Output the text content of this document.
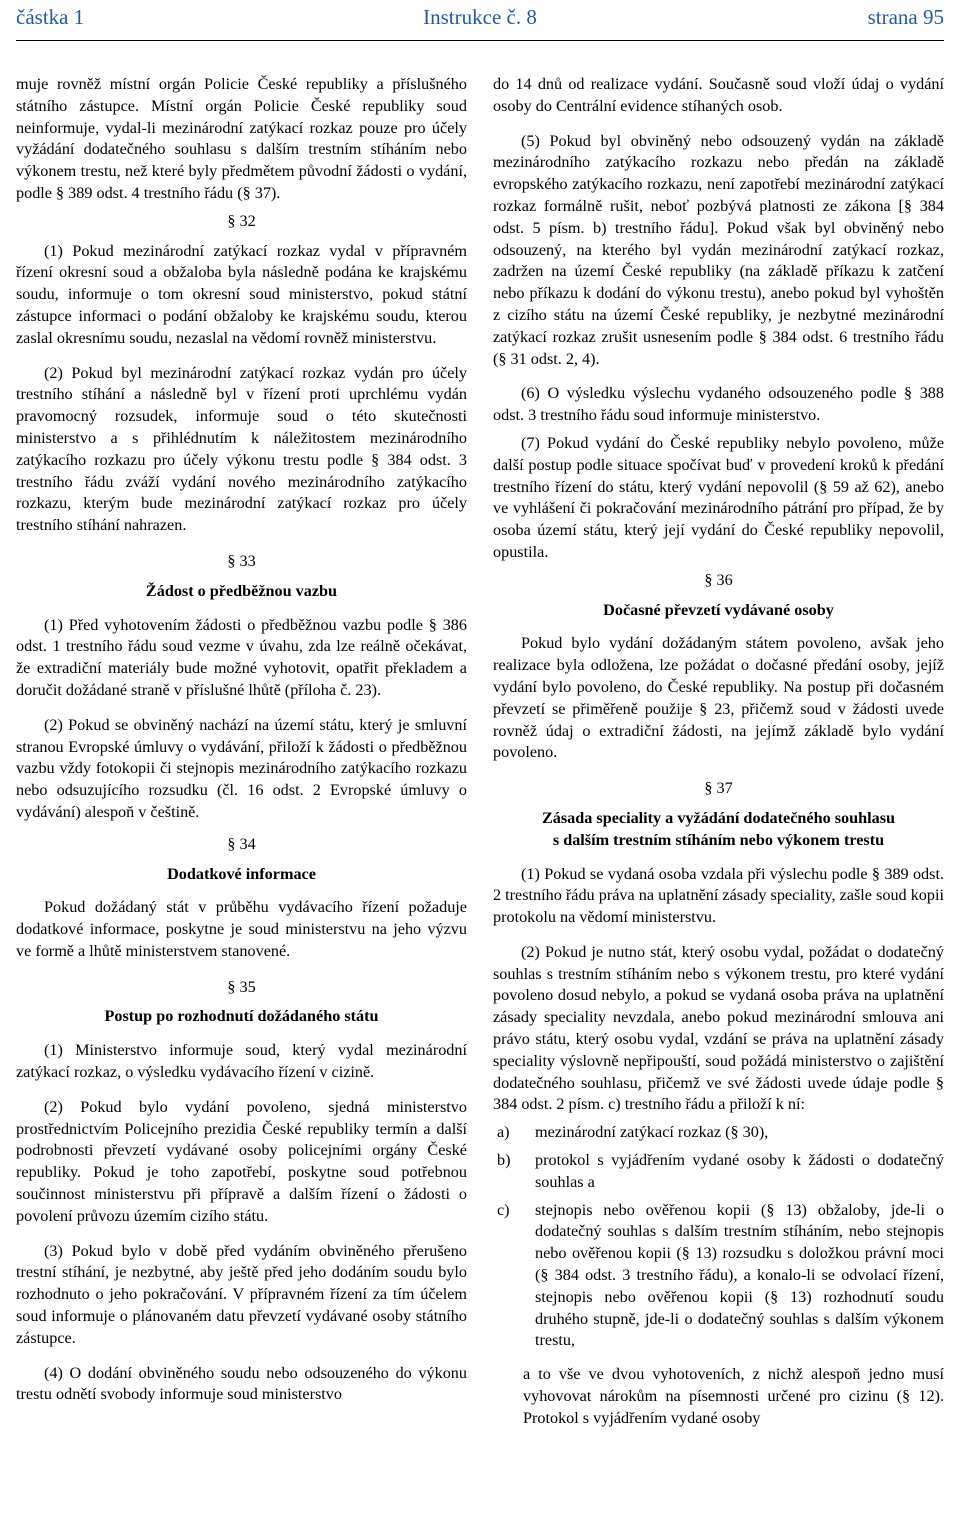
částka 1	Instrukce č. 8	strana 95

muje rovněž místní orgán Policie České republiky a příslušného státního zástupce. Místní orgán Policie České republiky soud neinformuje, vydal-li mezinárodní zatýkací rozkaz pouze pro účely vyžádání dodatečného souhlasu s dalším trestním stíháním nebo výkonem trestu, než které byly předmětem původní žádosti o vydání, podle § 389 odst. 4 trestního řádu (§ 37).

§ 32

(1) Pokud mezinárodní zatýkací rozkaz vydal v přípravném řízení okresní soud a obžaloba byla následně podána ke krajskému soudu, informuje o tom okresní soud ministerstvo, pokud státní zástupce informaci o podání obžaloby ke krajskému soudu, kterou zaslal okresnímu soudu, nezaslal na vědomí rovněž ministerstvu.

(2) Pokud byl mezinárodní zatýkací rozkaz vydán pro účely trestního stíhání a následně byl v řízení proti uprchlému vydán pravomocný rozsudek, informuje soud o této skutečnosti ministerstvo a s přihlédnutím k náležitostem mezinárodního zatýkacího rozkazu pro účely výkonu trestu podle § 384 odst. 3 trestního řádu zváží vydání nového mezinárodního zatýkacího rozkazu, kterým bude mezinárodní zatýkací rozkaz pro účely trestního stíhání nahrazen.

§ 33

Žádost o předběžnou vazbu

(1) Před vyhotovením žádosti o předběžnou vazbu podle § 386 odst. 1 trestního řádu soud vezme v úvahu, zda lze reálně očekávat, že extradiční materiály bude možné vyhotovit, opatřit překladem a doručit dožádané straně v příslušné lhůtě (příloha č. 23).

(2) Pokud se obviněný nachází na území státu, který je smluvní stranou Evropské úmluvy o vydávání, přiloží k žádosti o předběžnou vazbu vždy fotokopii či stejnopis mezinárodního zatýkacího rozkazu nebo odsuzujícího rozsudku (čl. 16 odst. 2 Evropské úmluvy o vydávání) alespoň v češtině.

§ 34

Dodatkové informace

Pokud dožádaný stát v průběhu vydávacího řízení požaduje dodatkové informace, poskytne je soud ministerstvu na jeho výzvu ve formě a lhůtě ministerstvem stanovené.

§ 35

Postup po rozhodnutí dožádaného státu

(1) Ministerstvo informuje soud, který vydal mezinárodní zatýkací rozkaz, o výsledku vydávacího řízení v cizině.

(2) Pokud bylo vydání povoleno, sjedná ministerstvo prostřednictvím Policejního prezidia České republiky termín a další podrobnosti převzetí vydávané osoby policejními orgány České republiky. Pokud je toho zapotřebí, poskytne soud potřebnou součinnost ministerstvu při přípravě a dalším řízení o žádosti o povolení průvozu územím cizího státu.

(3) Pokud bylo v době před vydáním obviněného přerušeno trestní stíhání, je nezbytné, aby ještě před jeho dodáním soudu bylo rozhodnuto o jeho pokračování. V přípravném řízení za tím účelem soud informuje o plánovaném datu převzetí vydávané osoby státního zástupce.

(4) O dodání obviněného soudu nebo odsouzeného do výkonu trestu odnětí svobody informuje soud ministerstvo

do 14 dnů od realizace vydání. Současně soud vloží údaj o vydání osoby do Centrální evidence stíhaných osob.

(5) Pokud byl obviněný nebo odsouzený vydán na základě mezinárodního zatýkacího rozkazu nebo předán na základě evropského zatýkacího rozkazu, není zapotřebí mezinárodní zatýkací rozkaz formálně rušit, neboť pozbývá platnosti ze zákona [§ 384 odst. 5 písm. b) trestního řádu]. Pokud však byl obviněný nebo odsouzený, na kterého byl vydán mezinárodní zatýkací rozkaz, zadržen na území České republiky (na základě příkazu k zatčení nebo příkazu k dodání do výkonu trestu), anebo pokud byl vyhoštěn z cizího státu na území České republiky, je nezbytné mezinárodní zatýkací rozkaz zrušit usnesením podle § 384 odst. 6 trestního řádu (§ 31 odst. 2, 4).

(6) O výsledku výslechu vydaného odsouzeného podle § 388 odst. 3 trestního řádu soud informuje ministerstvo.

(7) Pokud vydání do České republiky nebylo povoleno, může další postup podle situace spočívat buď v provedení kroků k předání trestního řízení do státu, který vydání nepovolil (§ 59 až 62), anebo ve vyhlášení či pokračování mezinárodního pátrání pro případ, že by osoba území státu, který její vydání do České republiky nepovolil, opustila.

§ 36

Dočasné převzetí vydávané osoby

Pokud bylo vydání dožádaným státem povoleno, avšak jeho realizace byla odložena, lze požádat o dočasné předání osoby, jejíž vydání bylo povoleno, do České republiky. Na postup při dočasném převzetí se přiměřeně použije § 23, přičemž soud v žádosti uvede rovněž údaj o extradiční žádosti, na jejímž základě bylo vydání povoleno.

§ 37

Zásada speciality a vyžádání dodatečného souhlasu

s dalším trestním stíháním nebo výkonem trestu

(1) Pokud se vydaná osoba vzdala při výslechu podle § 389 odst. 2 trestního řádu práva na uplatnění zásady speciality, zašle soud kopii protokolu na vědomí ministerstvu.

(2) Pokud je nutno stát, který osobu vydal, požádat o dodatečný souhlas s trestním stíháním nebo s výkonem trestu, pro které vydání povoleno dosud nebylo, a pokud se vydaná osoba práva na uplatnění zásady speciality nevzdala, anebo pokud mezinárodní smlouva ani právo státu, který osobu vydal, vzdání se práva na uplatnění zásady speciality výslovně nepřipouští, soud požádá ministerstvo o zajištění dodatečného souhlasu, přičemž ve své žádosti uvede údaje podle § 384 odst. 2 písm. c) trestního řádu a přiloží k ní:

a)	mezinárodní zatýkací rozkaz (§ 30),
b)	protokol s vyjádřením vydané osoby k žádosti o dodatečný souhlas a
c)	stejnopis nebo ověřenou kopii (§ 13) obžaloby, jde-li o dodatečný souhlas s dalším trestním stíháním, nebo stejnopis nebo ověřenou kopii (§ 13) rozsudku s doložkou právní moci (§ 384 odst. 3 trestního řádu), a konalo-li se odvolací řízení, stejnopis nebo ověřenou kopii (§ 13) rozhodnutí soudu druhého stupně, jde-li o dodatečný souhlas s dalším výkonem trestu,

a to vše ve dvou vyhotoveních, z nichž alespoň jedno musí vyhovovat nárokům na písemnosti určené pro cizinu (§ 12). Protokol s vyjádřením vydané osoby
